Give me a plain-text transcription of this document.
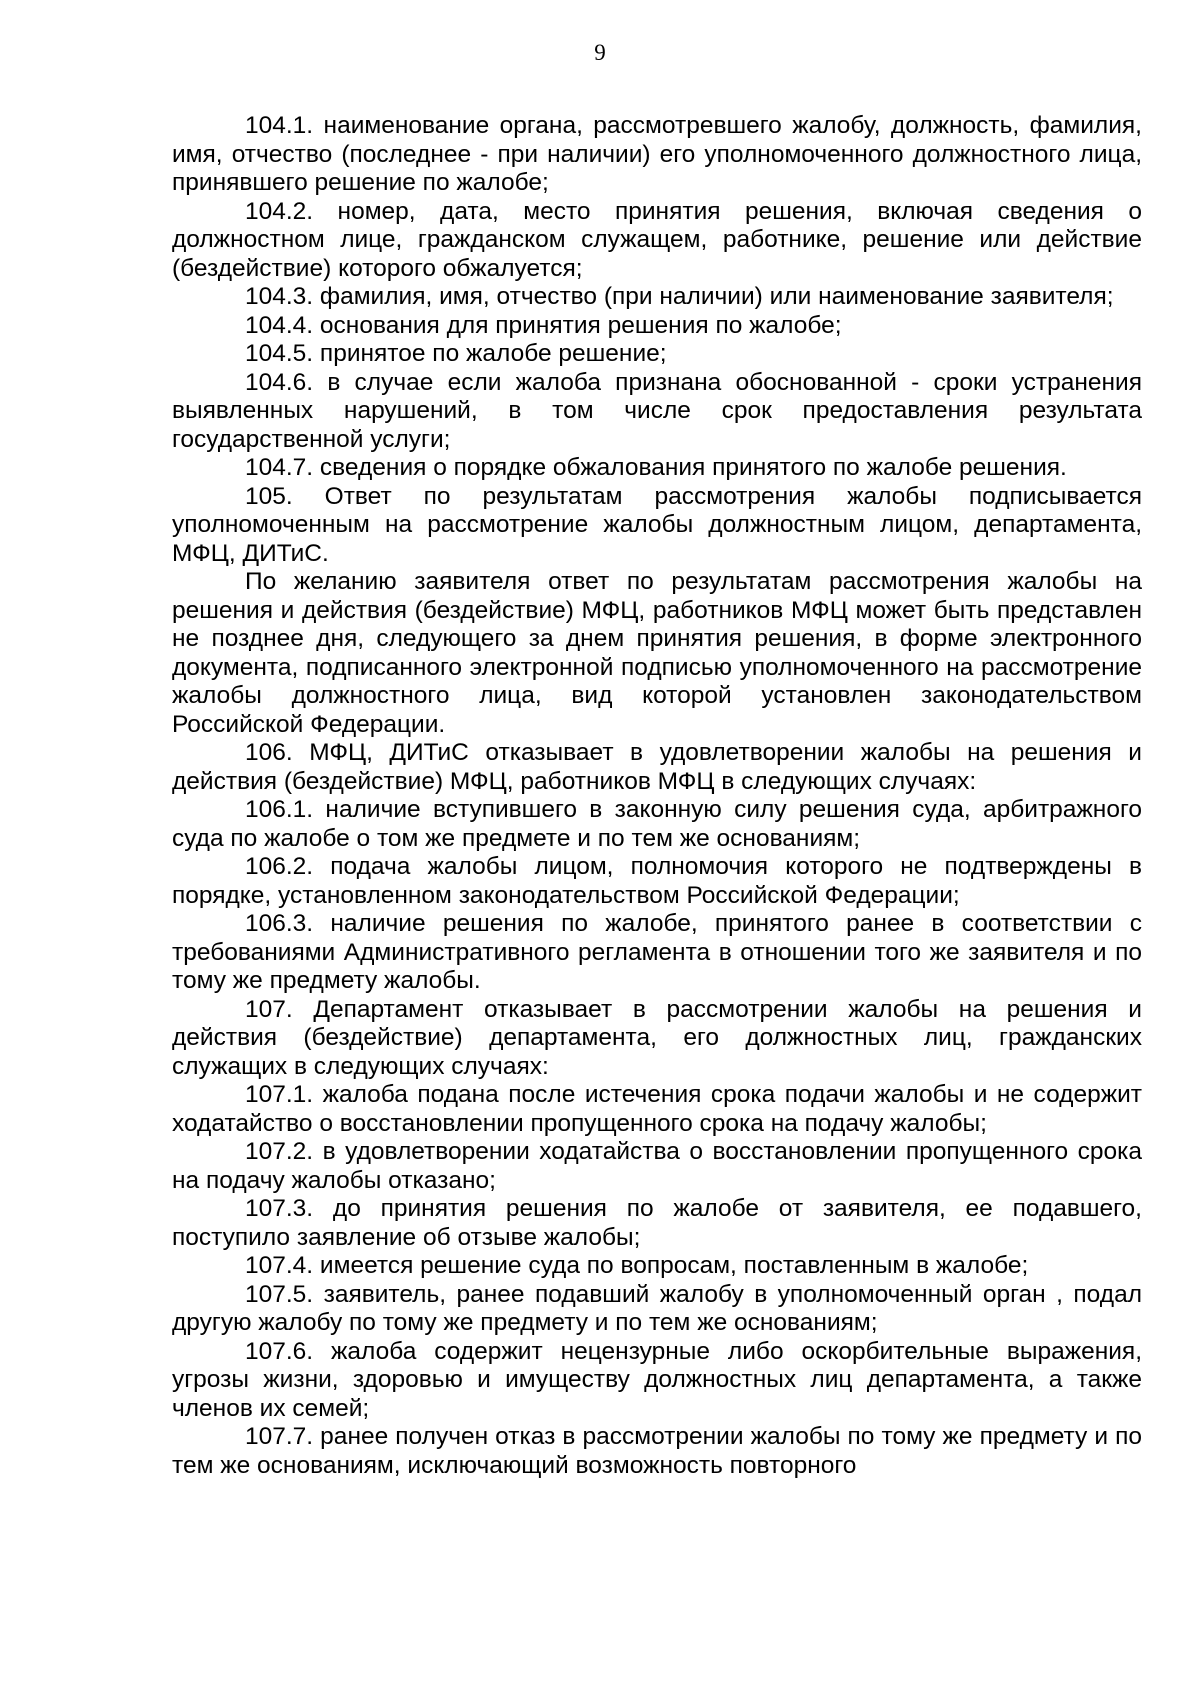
9

104.1. наименование органа, рассмотревшего жалобу, должность, фамилия, имя, отчество (последнее - при наличии) его уполномоченного должностного лица, принявшего решение по жалобе;

104.2. номер, дата, место принятия решения, включая сведения о должностном лице, гражданском служащем, работнике, решение или действие (бездействие) которого обжалуется;

104.3. фамилия, имя, отчество (при наличии) или наименование заявителя;

104.4. основания для принятия решения по жалобе;

104.5. принятое по жалобе решение;

104.6. в случае если жалоба признана обоснованной - сроки устранения выявленных нарушений, в том числе срок предоставления результата государственной услуги;

104.7. сведения о порядке обжалования принятого по жалобе решения.

105. Ответ по результатам рассмотрения жалобы подписывается уполномоченным на рассмотрение жалобы должностным лицом, департамента, МФЦ, ДИТиС.

По желанию заявителя ответ по результатам рассмотрения жалобы на решения и действия (бездействие) МФЦ, работников МФЦ может быть представлен не позднее дня, следующего за днем принятия решения, в форме электронного документа, подписанного электронной подписью уполномоченного на рассмотрение жалобы должностного лица, вид которой установлен законодательством Российской Федерации.

106. МФЦ, ДИТиС отказывает в удовлетворении жалобы на решения и действия (бездействие) МФЦ, работников МФЦ в следующих случаях:

106.1. наличие вступившего в законную силу решения суда, арбитражного суда по жалобе о том же предмете и по тем же основаниям;

106.2. подача жалобы лицом, полномочия которого не подтверждены в порядке, установленном законодательством Российской Федерации;

106.3. наличие решения по жалобе, принятого ранее в соответствии с требованиями Административного регламента в отношении того же заявителя и по тому же предмету жалобы.

107. Департамент отказывает в рассмотрении жалобы на решения и действия (бездействие) департамента, его должностных лиц, гражданских служащих в следующих случаях:

107.1. жалоба подана после истечения срока подачи жалобы и не содержит ходатайство о восстановлении пропущенного срока на подачу жалобы;

107.2. в удовлетворении ходатайства о восстановлении пропущенного срока на подачу жалобы отказано;

107.3. до принятия решения по жалобе от заявителя, ее подавшего, поступило заявление об отзыве жалобы;

107.4. имеется решение суда по вопросам, поставленным в жалобе;

107.5. заявитель, ранее подавший жалобу в уполномоченный орган , подал другую жалобу по тому же предмету и по тем же основаниям;

107.6. жалоба содержит нецензурные либо оскорбительные выражения, угрозы жизни, здоровью и имуществу должностных лиц департамента, а также членов их семей;

107.7. ранее получен отказ в рассмотрении жалобы по тому же предмету и по тем же основаниям, исключающий возможность повторного
